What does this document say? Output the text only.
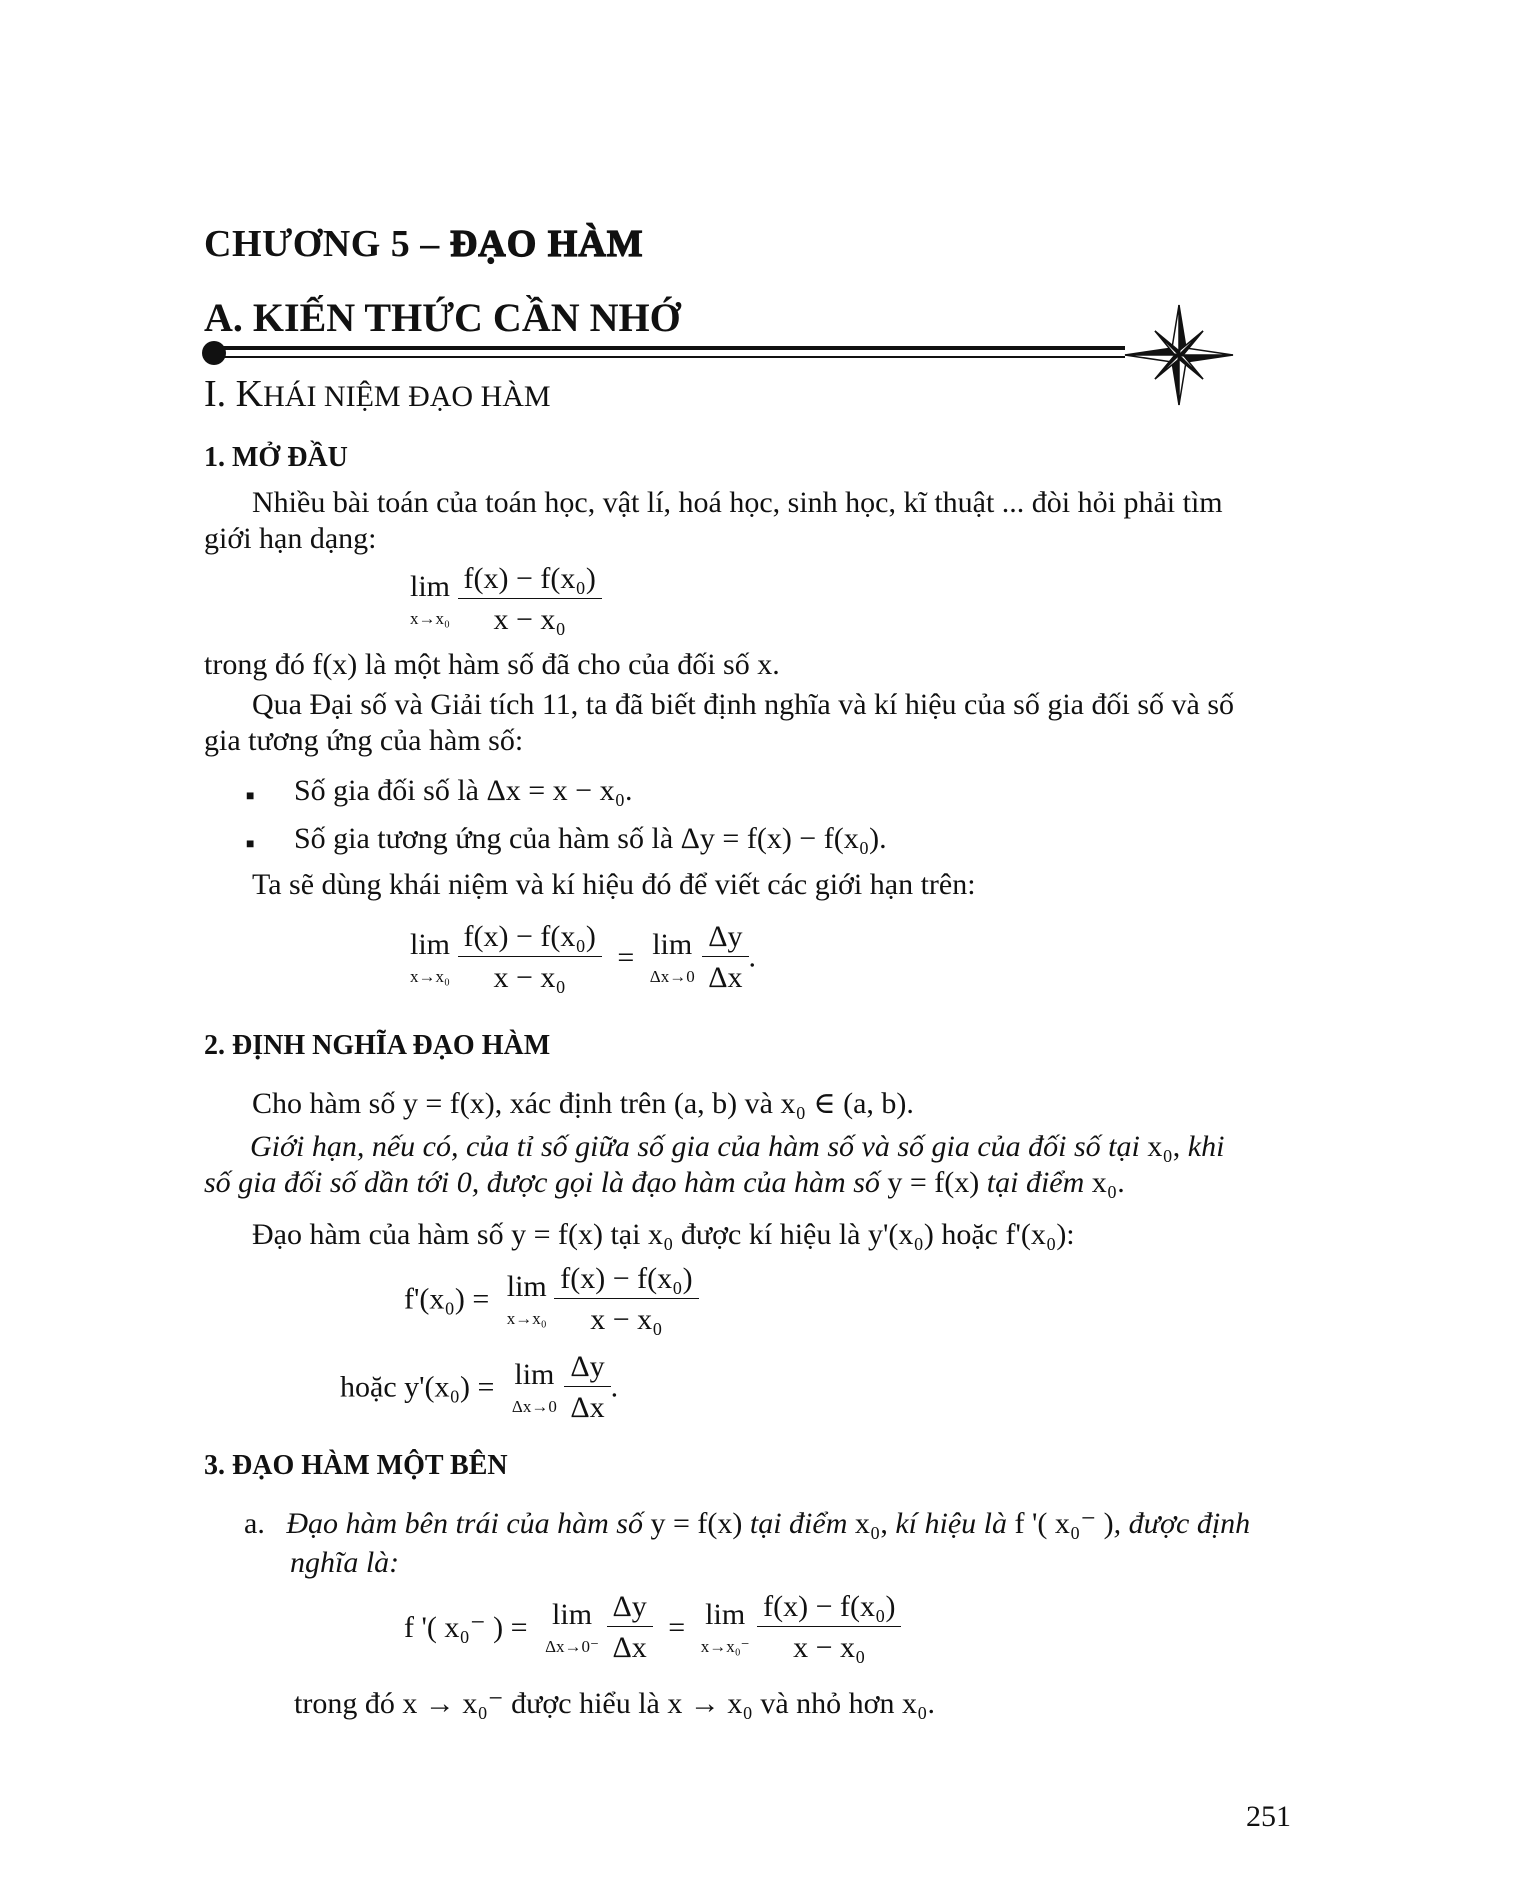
CHƯƠNG 5 – ĐẠO HÀM
A. KIẾN THỨC CẦN NHỚ
I. KHÁI NIỆM ĐẠO HÀM
1. MỞ ĐẦU
Nhiều bài toán của toán học, vật lí, hoá học, sinh học, kĩ thuật ... đòi hỏi phải tìm
giới hạn dạng:
lim
x→x₀
$\frac{\text{f(x) − f(x₀)}}{\text{x − x₀}}$
trong đó f(x) là một hàm số đã cho của đối số x.
Qua Đại số và Giải tích 11, ta đã biết định nghĩa và kí hiệu của số gia đối số và số
gia tương ứng của hàm số:
■ Số gia đối số là Δx = x − x₀.
■ Số gia tương ứng của hàm số là Δy = f(x) − f(x₀).
Ta sẽ dùng khái niệm và kí hiệu đó để viết các giới hạn trên:
lim
x→x₀
$\frac{\text{f(x) − f(x₀)}}{\text{x − x₀}} = \lim$
Δx→0
$\frac{\Delta y}{\Delta x}$ .
2. ĐỊNH NGHĨA ĐẠO HÀM
Cho hàm số y = f(x), xác định trên (a, b) và x₀ ∈ (a, b).
Giới hạn, nếu có, của tỉ số giữa số gia của hàm số và số gia của đối số tại x₀, khi
số gia đối số dần tới 0, được gọi là đạo hàm của hàm số y = f(x) tại điểm x₀.
Đạo hàm của hàm số y = f(x) tại x₀ được kí hiệu là y'(x₀) hoặc f'(x₀):
f'(x₀) = lim
x→x₀
$\frac{\text{f(x) − f(x₀)}}{\text{x − x₀}}$
hoặc y'(x₀) = lim
Δx→0
$\frac{\Delta y}{\Delta x}$ .
3. ĐẠO HÀM MỘT BÊN
a. Đạo hàm bên trái của hàm số y = f(x) tại điểm x₀, kí hiệu là f '( x₀⁻ ), được định
nghĩa là:
f '( x₀⁻ ) = lim
Δx→0⁻
$\frac{\Delta y}{\Delta x} = \lim$
x→x₀⁻
$\frac{\text{f(x) − f(x₀)}}{\text{x − x₀}}$
trong đó x → x₀⁻ được hiểu là x → x₀ và nhỏ hơn x₀.
251
